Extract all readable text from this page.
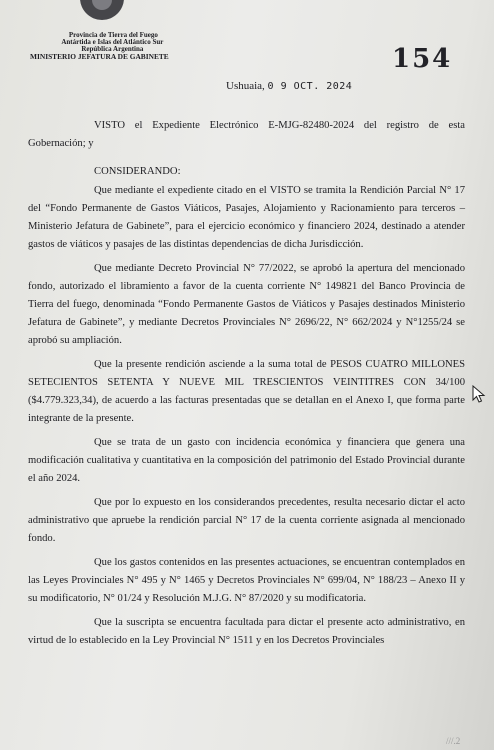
Provincia de Tierra del Fuego
Antártida e Islas del Atlántico Sur
República Argentina
MINISTERIO JEFATURA DE GABINETE	154
Ushuaia, 0 9 OCT. 2024

VISTO el Expediente Electrónico E-MJG-82480-2024 del registro de esta Gobernación; y

CONSIDERANDO:

Que mediante el expediente citado en el VISTO se tramita la Rendición Parcial N° 17 del “Fondo Permanente de Gastos Viáticos, Pasajes, Alojamiento y Racionamiento para terceros – Ministerio Jefatura de Gabinete”, para el ejercicio económico y financiero 2024, destinado a atender gastos de viáticos y pasajes de las distintas dependencias de dicha Jurisdicción.

Que mediante Decreto Provincial N° 77/2022, se aprobó la apertura del mencionado fondo, autorizado el libramiento a favor de la cuenta corriente N° 149821 del Banco Provincia de Tierra del fuego, denominada “Fondo Permanente Gastos de Viáticos y Pasajes destinados Ministerio Jefatura de Gabinete”, y mediante Decretos Provinciales N° 2696/22, N° 662/2024 y N°1255/24 se aprobó su ampliación.

Que la presente rendición asciende a la suma total de PESOS CUATRO MILLONES SETECIENTOS SETENTA Y NUEVE MIL TRESCIENTOS VEINTITRES CON 34/100 ($4.779.323,34), de acuerdo a las facturas presentadas que se detallan en el Anexo I, que forma parte integrante de la presente.

Que se trata de un gasto con incidencia económica y financiera que genera una modificación cualitativa y cuantitativa en la composición del patrimonio del Estado Provincial durante el año 2024.

Que por lo expuesto en los considerandos precedentes, resulta necesario dictar el acto administrativo que apruebe la rendición parcial N° 17 de la cuenta corriente asignada al mencionado fondo.

Que los gastos contenidos en las presentes actuaciones, se encuentran contemplados en las Leyes Provinciales N° 495 y N° 1465 y Decretos Provinciales N° 699/04, N° 188/23 – Anexo II y su modificatorio, N° 01/24 y Resolución M.J.G. N° 87/2020 y su modificatoria.

Que la suscripta se encuentra facultada para dictar el presente acto administrativo, en virtud de lo establecido en la Ley Provincial N° 1511 y en los Decretos Provinciales

///.2
